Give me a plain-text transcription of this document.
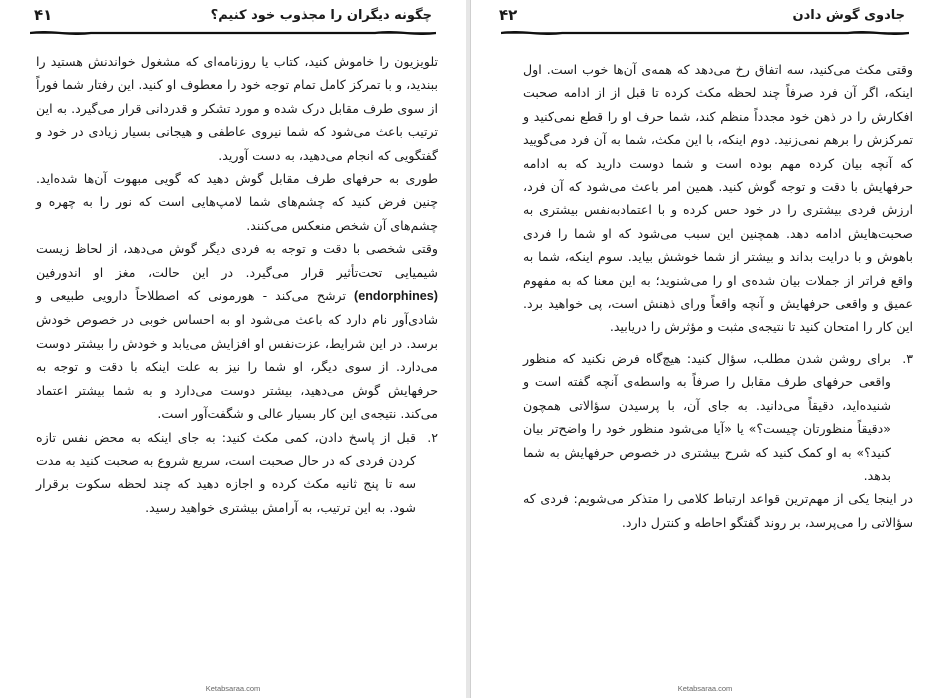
چگونه دیگران را مجذوب خود کنیم؟
۴۱

تلویزیون را خاموش کنید، کتاب یا روزنامه‌ای که مشغول خواندنش هستید را ببندید، و با تمرکز کامل تمام توجه خود را معطوف او کنید. این رفتار شما فوراً از سوی طرف مقابل درک شده و مورد تشکر و قدردانی قرار می‌گیرد. به این ترتیب باعث می‌شود که شما نیروی عاطفی و هیجانی بسیار زیادی در خود و گفتگویی که انجام می‌دهید، به دست آورید.

طوری به حرفهای طرف مقابل گوش دهید که گویی مبهوت آن‌ها شده‌اید. چنین فرض کنید که چشم‌های شما لامپ‌هایی است که نور را به چهره و چشم‌های آن شخص منعکس می‌کنند.

وقتی شخصی با دقت و توجه به فردی دیگر گوش می‌دهد، از لحاظ زیست شیمیایی تحت‌تأثیر قرار می‌گیرد. در این حالت، مغز او اندورفین (endorphines) ترشح می‌کند - هورمونی که اصطلاحاً دارویی طبیعی و شادی‌آور نام دارد که باعث می‌شود او به احساس خوبی در خصوص خودش برسد. در این شرایط، عزت‌نفس او افزایش می‌یابد و خودش را بیشتر دوست می‌دارد. از سوی دیگر، او شما را نیز به علت اینکه با دقت و توجه به حرفهایش گوش می‌دهید، بیشتر دوست می‌دارد و به شما بیشتر اعتماد می‌کند. نتیجه‌ی این کار بسیار عالی و شگفت‌آور است.

۲.
قبل از پاسخ دادن، کمی مکث کنید: به جای اینکه به محض نفس تازه کردن فردی که در حال صحبت است، سریع شروع به صحبت کنید به مدت سه تا پنج ثانیه مکث کرده و اجازه دهید که چند لحظه سکوت برقرار شود. به این ترتیب، به آرامش بیشتری خواهید رسید.
Ketabsaraa.com
جادوی گوش دادن
۴۲

وقتی مکث می‌کنید، سه اتفاق رخ می‌دهد که همه‌ی آن‌ها خوب است. اول اینکه، اگر آن فرد صرفاً چند لحظه مکث کرده تا قبل از از ادامه صحبت افکارش را در ذهن خود مجدداً منظم کند، شما حرف او را قطع نمی‌کنید و تمرکزش را برهم نمی‌زنید. دوم اینکه، با این مکث، شما به آن فرد می‌گویید که آنچه بیان کرده مهم بوده است و شما دوست دارید که به ادامه حرفهایش با دقت و توجه گوش کنید. همین امر باعث می‌شود که آن فرد، ارزش فردی بیشتری را در خود حس کرده و با اعتمادبه‌نفس بیشتری به صحبت‌هایش ادامه دهد. همچنین این سبب می‌شود که او شما را فردی باهوش و با درایت بداند و بیشتر از شما خوشش بیاید. سوم اینکه، شما به واقع فراتر از جملات بیان شده‌ی او را می‌شنوید؛ به این معنا که به مفهوم عمیق و واقعی حرفهایش و آنچه واقعاً ورای ذهنش است، پی خواهید برد. این کار را امتحان کنید تا نتیجه‌ی مثبت و مؤثرش را دریابید.

۳.
برای روشن شدن مطلب، سؤال کنید: هیچ‌گاه فرض نکنید که منظور واقعی حرفهای طرف مقابل را صرفاً به واسطه‌ی آنچه گفته است و شنیده‌اید، دقیقاً می‌دانید. به جای آن، با پرسیدن سؤالاتی همچون «دقیقاً منظورتان چیست؟» یا «آیا می‌شود منظور خود را واضح‌تر بیان کنید؟» به او کمک کنید که شرح بیشتری در خصوص حرفهایش به شما بدهد.

در اینجا یکی از مهم‌ترین قواعد ارتباط کلامی را متذکر می‌شویم: فردی که سؤالاتی را می‌پرسد، بر روند گفتگو احاطه و کنترل دارد.

Ketabsaraa.com
